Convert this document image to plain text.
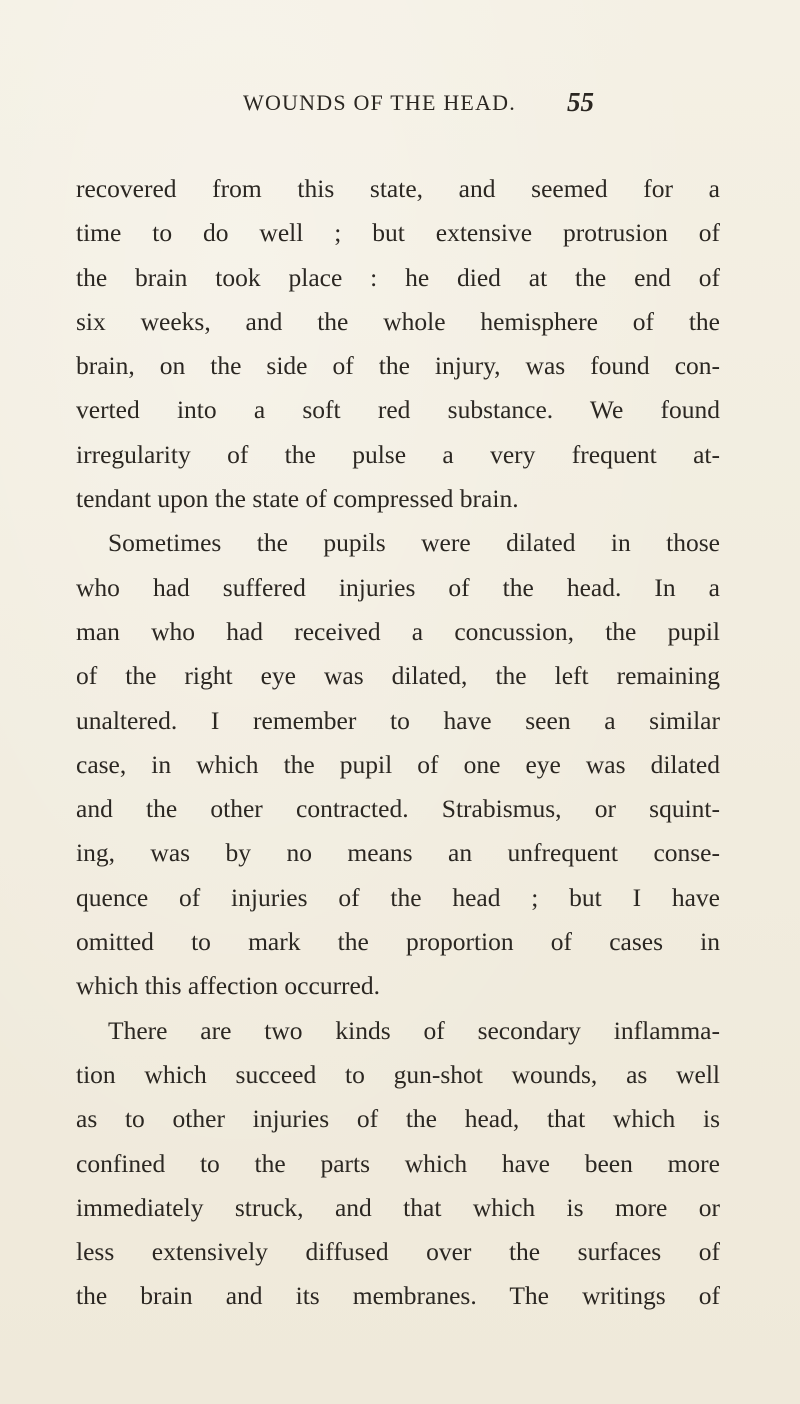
WOUNDS OF THE HEAD. 55
recovered from this state, and seemed for a
time to do well ; but extensive protrusion of
the brain took place : he died at the end of
six weeks, and the whole hemisphere of the
brain, on the side of the injury, was found con-
verted into a soft red substance. We found
irregularity of the pulse a very frequent at-
tendant upon the state of compressed brain.
Sometimes the pupils were dilated in those
who had suffered injuries of the head. In a
man who had received a concussion, the pupil
of the right eye was dilated, the left remaining
unaltered. I remember to have seen a similar
case, in which the pupil of one eye was dilated
and the other contracted. Strabismus, or squint-
ing, was by no means an unfrequent conse-
quence of injuries of the head ; but I have
omitted to mark the proportion of cases in
which this affection occurred.
There are two kinds of secondary inflamma-
tion which succeed to gun-shot wounds, as well
as to other injuries of the head, that which is
confined to the parts which have been more
immediately struck, and that which is more or
less extensively diffused over the surfaces of
the brain and its membranes. The writings of
